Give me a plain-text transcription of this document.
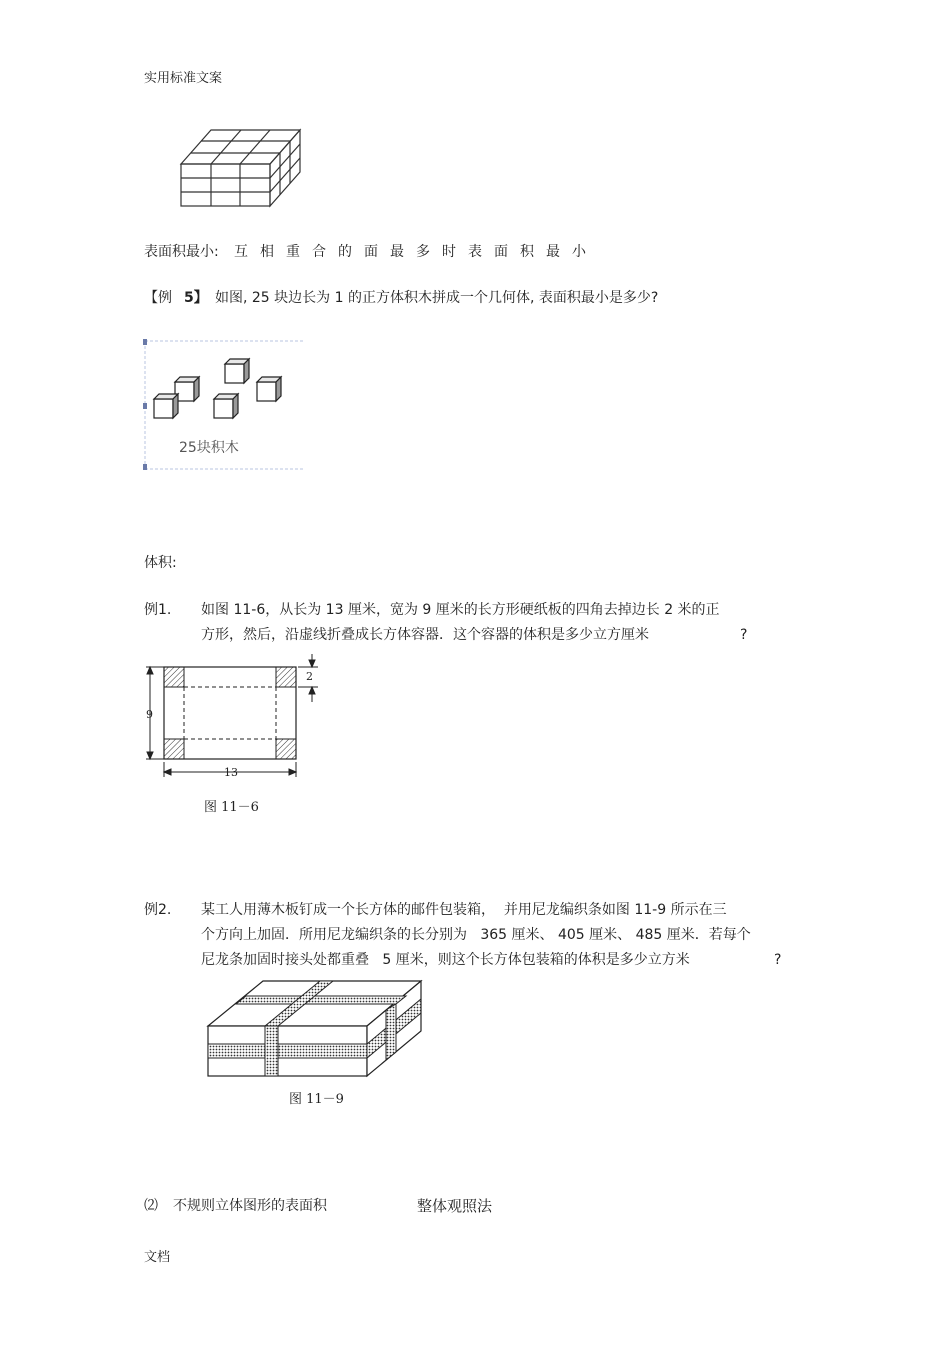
实用标准文案
表面积最小: 互相重合的面最多时表面积最小
【例 5】 如图, 25 块边长为 1 的正方体积木拼成一个几何体, 表面积最小是多少?
25块积木
体积:
例1. 如图 11-6，从长为 13 厘米，宽为 9 厘米的长方形硬纸板的四角去掉边长 2 米的正
方形，然后，沿虚线折叠成长方体容器．这个容器的体积是多少立方厘米	?
2
9
13
图 11－6
例2. 某工人用薄木板钉成一个长方体的邮件包装箱，  并用尼龙编织条如图 11-9 所示在三
个方向上加固．所用尼龙编织条的长分别为   365 厘米、 405 厘米、 485 厘米．若每个
尼龙条加固时接头处都重叠   5 厘米，则这个长方体包装箱的体积是多少立方米	?
图 11－9
⑵ 不规则立体图形的表面积	整体观照法
文档
